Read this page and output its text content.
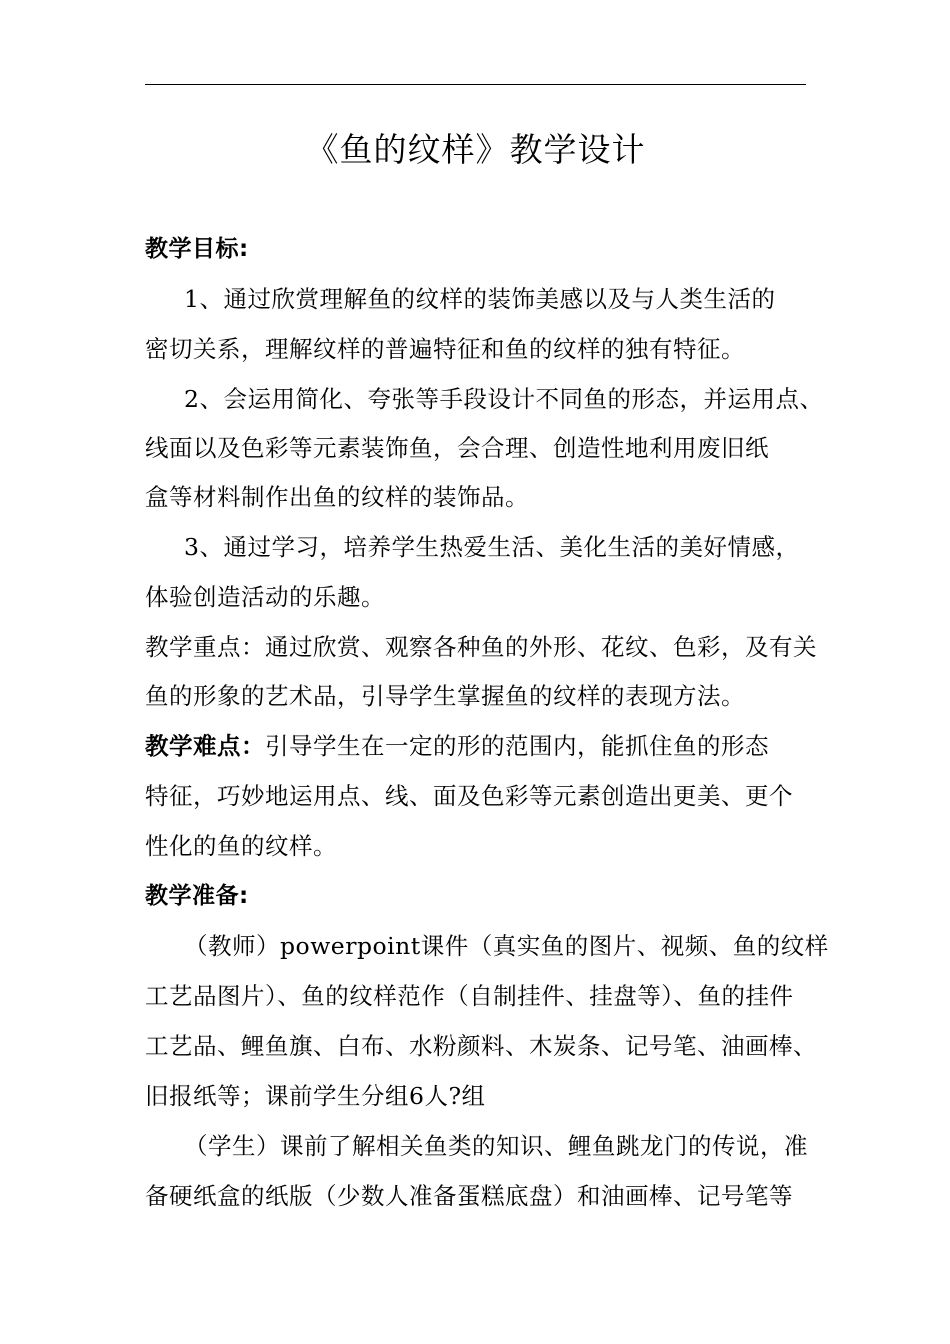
《鱼的纹样》教学设计
教学目标:
1、通过欣赏理解鱼的纹样的装饰美感以及与人类生活的
密切关系，理解纹样的普遍特征和鱼的纹样的独有特征。
2、会运用简化、夸张等手段设计不同鱼的形态，并运用点、
线面以及色彩等元素装饰鱼，会合理、创造性地利用废旧纸
盒等材料制作出鱼的纹样的装饰品。
3、通过学习，培养学生热爱生活、美化生活的美好情感，
体验创造活动的乐趣。
教学重点：通过欣赏、观察各种鱼的外形、花纹、色彩，及有关
鱼的形象的艺术品，引导学生掌握鱼的纹样的表现方法。
教学难点：引导学生在一定的形的范围内，能抓住鱼的形态
特征，巧妙地运用点、线、面及色彩等元素创造出更美、更个
性化的鱼的纹样。
教学准备:
（教师）powerpoint课件（真实鱼的图片、视频、鱼的纹样
工艺品图片）、鱼的纹样范作（自制挂件、挂盘等）、鱼的挂件
工艺品、鲤鱼旗、白布、水粉颜料、木炭条、记号笔、油画棒、
旧报纸等；课前学生分组6人?组
（学生）课前了解相关鱼类的知识、鲤鱼跳龙门的传说，准
备硬纸盒的纸版（少数人准备蛋糕底盘）和油画棒、记号笔等
